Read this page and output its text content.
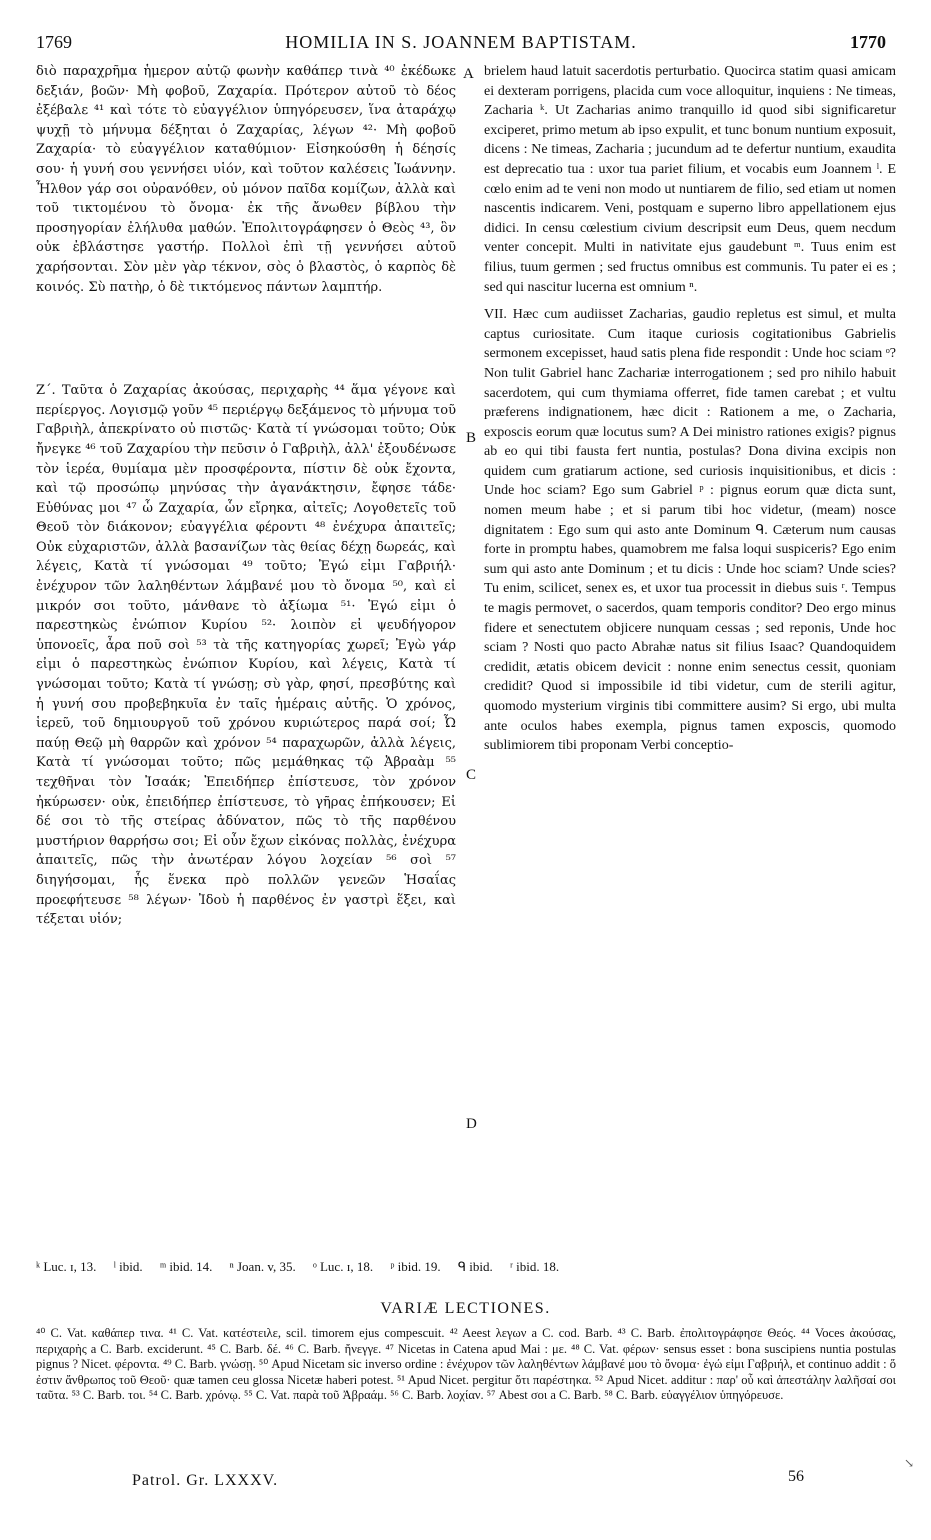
1769	HOMILIA IN S. JOANNEM BAPTISTAM.	1770

διὸ παραχρῆμα ἡμερον αὐτῷ φωνὴν καθάπερ τινὰ ⁴⁰ ἐκέδωκε δεξιάν, βοῶν· Μὴ φοβοῦ, Ζαχαρία. Πρότερον αὐτοῦ τὸ δέος ἐξέβαλε ⁴¹ καὶ τότε τὸ εὐαγγέλιον ὑπηγόρευσεν, ἵνα ἀταράχῳ ψυχῇ τὸ μήνυμα δέξηται ὁ Ζαχαρίας, λέγων ⁴²· Μὴ φοβοῦ Ζαχαρία· τὸ εὐαγγέλιον καταθύμιον· Εἰσηκούσθη ἡ δέησίς σου· ἡ γυνή σου γεννήσει υἱόν, καὶ τοῦτον καλέσεις Ἰωάννην. Ἦλθον γάρ σοι οὐρανόθεν, οὐ μόνον παῖδα κομίζων, ἀλλὰ καὶ τοῦ τικτομένου τὸ ὄνομα· ἐκ τῆς ἄνωθεν βίβλου τὴν προσηγορίαν ἐλήλυθα μαθών. Ἐπολιτογράφησεν ὁ Θεὸς ⁴³, ὃν οὐκ ἐβλάστησε γαστήρ. Πολλοὶ ἐπὶ τῇ γεννήσει αὐτοῦ χαρήσονται. Σὸν μὲν γὰρ τέκνον, σὸς ὁ βλαστὸς, ὁ καρπὸς δὲ κοινός. Σὺ πατὴρ, ὁ δὲ τικτόμενος πάντων λαμπτήρ.

Ζ΄. Ταῦτα ὁ Ζαχαρίας ἀκούσας, περιχαρὴς ⁴⁴ ἅμα γέγονε καὶ περίεργος. Λογισμῷ γοῦν ⁴⁵ περιέργῳ δεξάμενος τὸ μήνυμα τοῦ Γαβριὴλ, ἀπεκρίνατο οὐ πιστῶς· Κατὰ τί γνώσομαι τοῦτο; Οὐκ ἤνεγκε ⁴⁶ τοῦ Ζαχαρίου τὴν πεῦσιν ὁ Γαβριὴλ, ἀλλ' ἐξουδένωσε τὸν ἱερέα, θυμίαμα μὲν προσφέροντα, πίστιν δὲ οὐκ ἔχοντα, καὶ τῷ προσώπῳ μηνύσας τὴν ἀγανάκτησιν, ἔφησε τάδε· Εὐθύνας μοι ⁴⁷ ὦ Ζαχαρία, ὧν εἴρηκα, αἰτεῖς; Λογοθετεῖς τοῦ Θεοῦ τὸν διάκονον; εὐαγγέλια φέροντι ⁴⁸ ἐνέχυρα ἀπαιτεῖς; Οὐκ εὐχαριστῶν, ἀλλὰ βασανίζων τὰς θείας δέχῃ δωρεάς, καὶ λέγεις, Κατὰ τί γνώσομαι ⁴⁹ τοῦτο; Ἐγώ εἰμι Γαβριήλ· ἐνέχυρον τῶν λαληθέντων λάμβανέ μου τὸ ὄνομα ⁵⁰, καὶ εἰ μικρόν σοι τοῦτο, μάνθανε τὸ ἀξίωμα ⁵¹· Ἐγώ εἰμι ὁ παρεστηκὼς ἐνώπιον Κυρίου ⁵²· λοιπὸν εἰ ψευδήγορον ὑπονοεῖς, ἆρα ποῦ σοὶ ⁵³ τὰ τῆς κατηγορίας χωρεῖ; Ἐγὼ γάρ εἰμι ὁ παρεστηκὼς ἐνώπιον Κυρίου, καὶ λέγεις, Κατὰ τί γνώσομαι τοῦτο; Κατὰ τί γνώσῃ; σὺ γὰρ, φησί, πρεσβύτης καὶ ἡ γυνή σου προβεβηκυῖα ἐν ταῖς ἡμέραις αὐτῆς. Ὁ χρόνος, ἱερεῦ, τοῦ δημιουργοῦ τοῦ χρόνου κυριώτερος παρά σοί; Ὦ παύῃ Θεῷ μὴ θαρρῶν καὶ χρόνον ⁵⁴ παραχωρῶν, ἀλλὰ λέγεις, Κατὰ τί γνώσομαι τοῦτο; πῶς μεμάθηκας τῷ Ἀβραὰμ ⁵⁵ τεχθῆναι τὸν Ἰσαάκ; Ἐπειδήπερ ἐπίστευσε, τὸν χρόνον ἠκύρωσεν· οὐκ, ἐπειδήπερ ἐπίστευσε, τὸ γῆρας ἐπήκουσεν; Εἰ δέ σοι τὸ τῆς στείρας ἀδύνατον, πῶς τὸ τῆς παρθένου μυστήριον θαρρήσω σοι; Εἰ οὖν ἔχων εἰκόνας πολλὰς, ἐνέχυρα ἀπαιτεῖς, πῶς τὴν ἀνωτέραν λόγου λοχείαν ⁵⁶ σοὶ ⁵⁷ διηγήσομαι, ἧς ἕνεκα πρὸ πολλῶν γενεῶν Ἡσαΐας προεφήτευσε ⁵⁸ λέγων· Ἰδοὺ ἡ παρθένος ἐν γαστρὶ ἕξει, καὶ τέξεται υἱόν;

A
B
C
D

brielem haud latuit sacerdotis perturbatio. Quocirca statim quasi amicam ei dexteram porrigens, placida cum voce alloquitur, inquiens : Ne timeas, Zacharia ᵏ. Ut Zacharias animo tranquillo id quod sibi significaretur exciperet, primo metum ab ipso expulit, et tunc bonum nuntium exposuit, dicens : Ne timeas, Zacharia ; jucundum ad te defertur nuntium, exaudita est deprecatio tua : uxor tua pariet filium, et vocabis eum Joannem ˡ. E cœlo enim ad te veni non modo ut nuntiarem de filio, sed etiam ut nomen nascentis indicarem. Veni, postquam e superno libro appellationem ejus didici. In censu cœlestium civium descripsit eum Deus, quem necdum venter concepit. Multi in nativitate ejus gaudebunt ᵐ. Tuus enim est filius, tuum germen ; sed fructus omnibus est communis. Tu pater ei es ; sed qui nascitur lucerna est omnium ⁿ.

VII. Hæc cum audiisset Zacharias, gaudio repletus est simul, et multa captus curiositate. Cum itaque curiosis cogitationibus Gabrielis sermonem excepisset, haud satis plena fide respondit : Unde hoc sciam ᵒ? Non tulit Gabriel hanc Zachariæ interrogationem ; sed pro nihilo habuit sacerdotem, qui cum thymiama offerret, fide tamen carebat ; et vultu præferens indignationem, hæc dicit : Rationem a me, o Zacharia, exposcis eorum quæ locutus sum? A Dei ministro rationes exigis? pignus ab eo qui tibi fausta fert nuntia, postulas? Dona divina excipis non quidem cum gratiarum actione, sed curiosis inquisitionibus, et dicis : Unde hoc sciam? Ego sum Gabriel ᵖ : pignus eorum quæ dicta sunt, nomen meum habe ; et si parum tibi hoc videtur, (meam) nosce dignitatem : Ego sum qui asto ante Dominum ᑫ. Cæterum num causas forte in promptu habes, quamobrem me falsa loqui suspiceris? Ego enim sum qui asto ante Dominum ; et tu dicis : Unde hoc sciam? Unde scies? Tu enim, scilicet, senex es, et uxor tua processit in diebus suis ʳ. Tempus te magis permovet, o sacerdos, quam temporis conditor? Deo ergo minus fidere et senectutem objicere nunquam cessas ; sed reponis, Unde hoc sciam ? Nosti quo pacto Abrahæ natus sit filius Isaac? Quandoquidem credidit, ætatis obicem devicit : nonne enim senectus cessit, quoniam credidit? Quod si impossibile id tibi videtur, cum de sterili agitur, quomodo mysterium virginis tibi committere ausim? Si ergo, ubi multa ante oculos habes exempla, pignus tamen exposcis, quomodo sublimiorem tibi proponam Verbi conceptio-

ᵏ Luc. ɪ, 13. ˡ ibid. ᵐ ibid. 14. ⁿ Joan. v, 35. ᵒ Luc. ɪ, 18. ᵖ ibid. 19. ᑫ ibid. ʳ ibid. 18.
VARIÆ LECTIONES.
⁴⁰ C. Vat. καθάπερ τινα. ⁴¹ C. Vat. κατέστειλε, scil. timorem ejus compescuit. ⁴² Aeest λεγων a C. cod. Barb. ⁴³ C. Barb. ἐπολιτογράφησε Θεός. ⁴⁴ Voces ἀκούσας, περιχαρὴς a C. Barb. exciderunt. ⁴⁵ C. Barb. δέ. ⁴⁶ C. Barb. ἤνεγγε. ⁴⁷ Nicetas in Catena apud Mai : με. ⁴⁸ C. Vat. φέρων· sensus esset : bona suscipiens nuntia postulas pignus ? Nicet. φέροντα. ⁴⁹ C. Barb. γνώσῃ. ⁵⁰ Apud Nicetam sic inverso ordine : ἐνέχυρον τῶν λαληθέντων λάμβανέ μου τὸ ὄνομα· ἐγώ εἰμι Γαβριήλ, et continuo addit : ὅ ἐστιν ἄνθρωπος τοῦ Θεοῦ· quæ tamen ceu glossa Nicetæ haberi potest. ⁵¹ Apud Nicet. pergitur ὅτι παρέστηκα. ⁵² Apud Nicet. additur : παρ' οὗ καὶ ἀπεστάλην λαλῆσαί σοι ταῦτα. ⁵³ C. Barb. τοι. ⁵⁴ C. Barb. χρόνῳ. ⁵⁵ C. Vat. παρὰ τοῦ Ἀβραάμ. ⁵⁶ C. Barb. λοχίαν. ⁵⁷ Abest σοι a C. Barb. ⁵⁸ C. Barb. εὐαγγέλιον ὑπηγόρευσε.
Patrol. Gr. LXXXV.	56
↘
